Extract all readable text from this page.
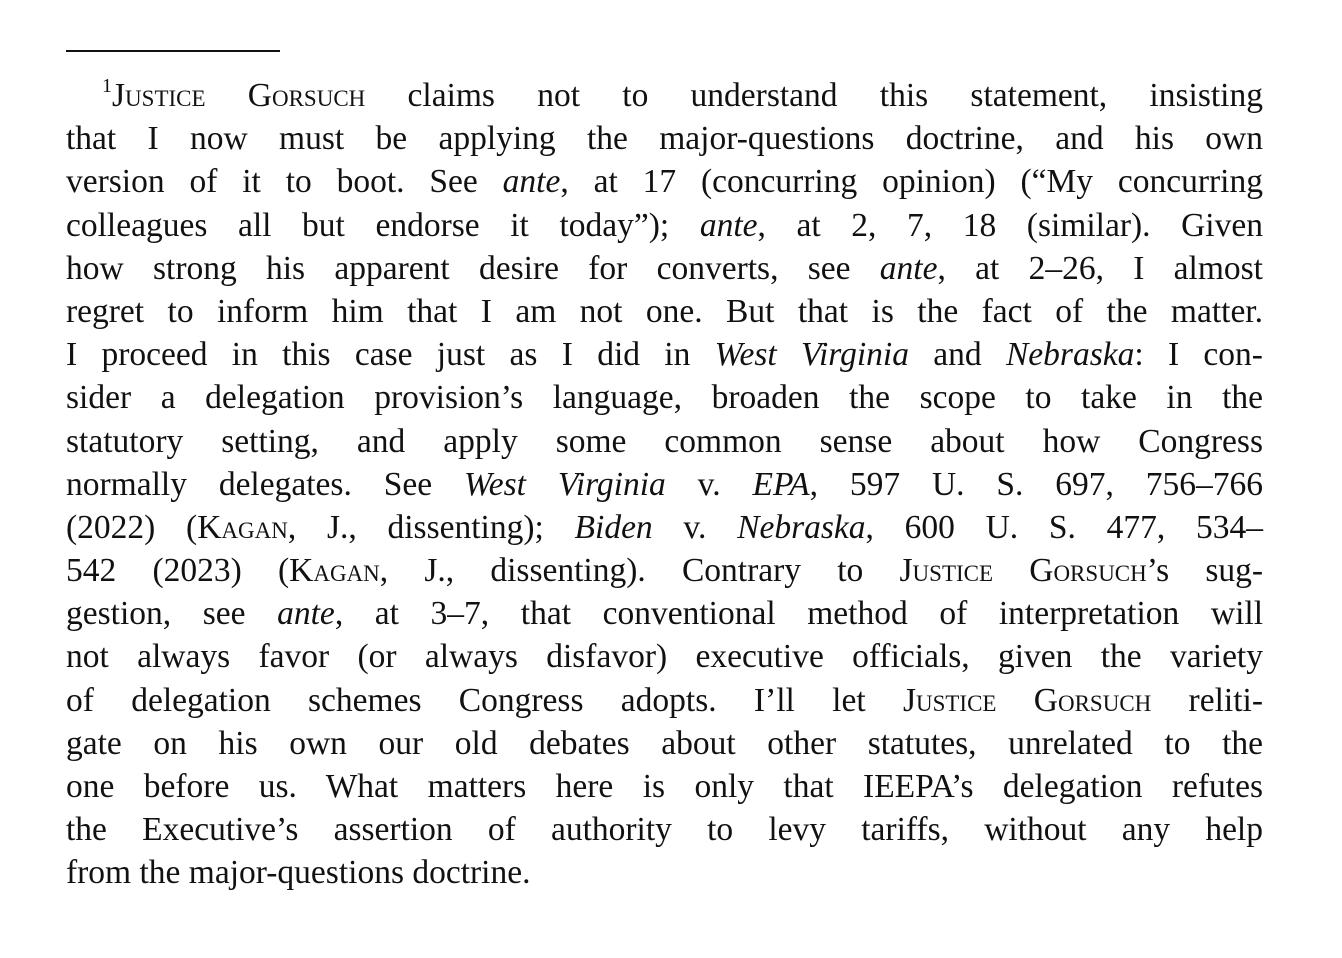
$^1$Justice Gorsuch claims not to understand this statement, insisting
that I now must be applying the major-questions doctrine, and his own
version of it to boot. See ante, at 17 (concurring opinion) (“My concurring
colleagues all but endorse it today”); ante, at 2, 7, 18 (similar). Given
how strong his apparent desire for converts, see ante, at 2–26, I almost
regret to inform him that I am not one. But that is the fact of the matter.
I proceed in this case just as I did in West Virginia and Nebraska: I con-
sider a delegation provision’s language, broaden the scope to take in the
statutory setting, and apply some common sense about how Congress
normally delegates. See West Virginia v. EPA, 597 U. S. 697, 756–766
(2022) (Kagan, J., dissenting); Biden v. Nebraska, 600 U. S. 477, 534–
542 (2023) (Kagan, J., dissenting). Contrary to Justice Gorsuch’s sug-
gestion, see ante, at 3–7, that conventional method of interpretation will
not always favor (or always disfavor) executive officials, given the variety
of delegation schemes Congress adopts. I’ll let Justice Gorsuch reliti-
gate on his own our old debates about other statutes, unrelated to the
one before us. What matters here is only that IEEPA’s delegation refutes
the Executive’s assertion of authority to levy tariffs, without any help
from the major-questions doctrine.
